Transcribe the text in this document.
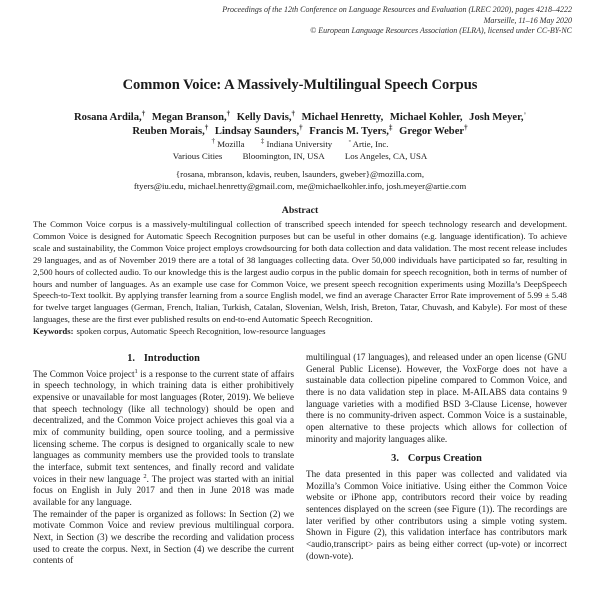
Proceedings of the 12th Conference on Language Resources and Evaluation (LREC 2020), pages 4218–4222
Marseille, 11–16 May 2020
© European Language Resources Association (ELRA), licensed under CC-BY-NC
Common Voice: A Massively-Multilingual Speech Corpus
Rosana Ardila,† Megan Branson,† Kelly Davis,† Michael Henretty, Michael Kohler, Josh Meyer,◦
Reuben Morais,† Lindsay Saunders,† Francis M. Tyers,‡ Gregor Weber†
† Mozilla ‡ Indiana University ◦ Artie, Inc.
Various Cities Bloomington, IN, USA Los Angeles, CA, USA
{rosana, mbranson, kdavis, reuben, lsaunders, gweber}@mozilla.com,
ftyers@iu.edu, michael.henretty@gmail.com, me@michaelkohler.info, josh.meyer@artie.com
Abstract
The Common Voice corpus is a massively-multilingual collection of transcribed speech intended for speech technology research and development. Common Voice is designed for Automatic Speech Recognition purposes but can be useful in other domains (e.g. language identification). To achieve scale and sustainability, the Common Voice project employs crowdsourcing for both data collection and data validation. The most recent release includes 29 languages, and as of November 2019 there are a total of 38 languages collecting data. Over 50,000 individuals have participated so far, resulting in 2,500 hours of collected audio. To our knowledge this is the largest audio corpus in the public domain for speech recognition, both in terms of number of hours and number of languages. As an example use case for Common Voice, we present speech recognition experiments using Mozilla’s DeepSpeech Speech-to-Text toolkit. By applying transfer learning from a source English model, we find an average Character Error Rate improvement of 5.99 ± 5.48 for twelve target languages (German, French, Italian, Turkish, Catalan, Slovenian, Welsh, Irish, Breton, Tatar, Chuvash, and Kabyle). For most of these languages, these are the first ever published results on end-to-end Automatic Speech Recognition.
Keywords: spoken corpus, Automatic Speech Recognition, low-resource languages
1. Introduction

The Common Voice project$^1$ is a response to the current state of affairs in speech technology, in which training data is either prohibitively expensive or unavailable for most languages (Roter, 2019). We believe that speech technology (like all technology) should be open and decentralized, and the Common Voice project achieves this goal via a mix of community building, open source tooling, and a permissive licensing scheme. The corpus is designed to organically scale to new languages as community members use the provided tools to translate the interface, submit text sentences, and finally record and validate voices in their new language $^2$. The project was started with an initial focus on English in July 2017 and then in June 2018 was made available for any language.

The remainder of the paper is organized as follows: In Section (2) we motivate Common Voice and review previous multilingual corpora. Next, in Section (3) we describe the recording and validation process used to create the corpus. Next, in Section (4) we describe the current contents of

multilingual (17 languages), and released under an open license (GNU General Public License). However, the VoxForge does not have a sustainable data collection pipeline compared to Common Voice, and there is no data validation step in place. M-AILABS data contains 9 language varieties with a modified BSD 3-Clause License, however there is no community-driven aspect. Common Voice is a sustainable, open alternative to these projects which allows for collection of minority and majority languages alike.

3. Corpus Creation

The data presented in this paper was collected and validated via Mozilla’s Common Voice initiative. Using either the Common Voice website or iPhone app, contributors record their voice by reading sentences displayed on the screen (see Figure (1)). The recordings are later verified by other contributors using a simple voting system. Shown in Figure (2), this validation interface has contributors mark <audio,transcript> pairs as being either correct (up-vote) or incorrect (down-vote).
